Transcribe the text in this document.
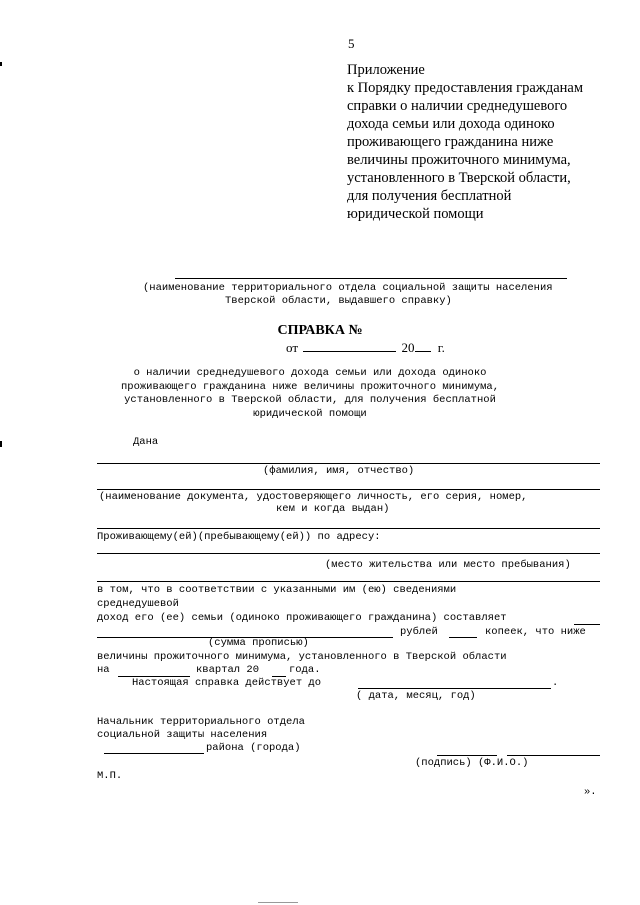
5
Приложение
к Порядку предоставления гражданам
справки о наличии среднедушевого
дохода семьи или дохода одиноко
проживающего гражданина ниже
величины прожиточного минимума,
установленного в Тверской области,
для получения бесплатной
юридической помощи
(наименование территориального отдела социальной защиты населения
Тверской области, выдавшего справку)
СПРАВКА №
от	20 г.
о наличии среднедушевого дохода семьи или дохода одиноко
проживающего гражданина ниже величины прожиточного минимума,
установленного в Тверской области, для получения бесплатной
юридической помощи
Дана
(фамилия, имя, отчество)
(наименование документа, удостоверяющего личность, его серия, номер,
кем и когда выдан)
Проживающему(ей)(пребывающему(ей)) по адресу:
(место жительства или место пребывания)
в том, что в соответствии с указанными им (ею) сведениями
среднедушевой
доход его (ее) семьи (одиноко проживающего гражданина) составляет
рублей	копеек, что ниже
(сумма прописью)
величины прожиточного минимума, установленного в Тверской области
на	квартал 20	года.
Настоящая справка действует до	.
( дата, месяц, год)
Начальник территориального отдела
социальной защиты населения
района (города)
(подпись) (Ф.И.О.)
М.П.
».
